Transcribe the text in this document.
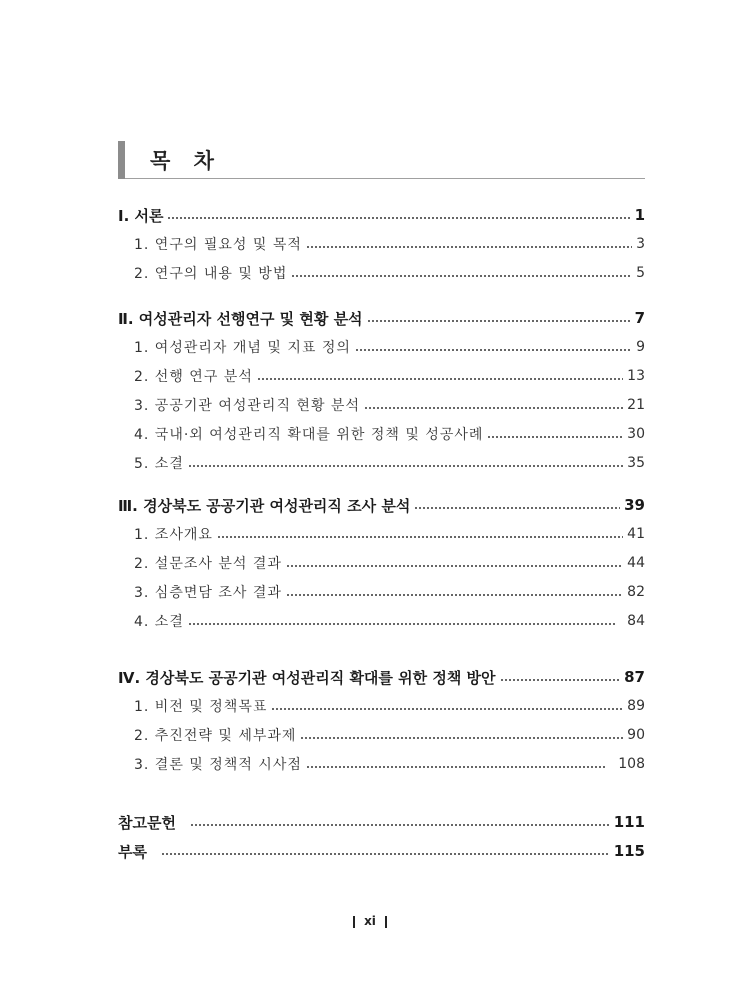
목 차
Ⅰ. 서론	1
1. 연구의 필요성 및 목적	3
2. 연구의 내용 및 방법	5
Ⅱ. 여성관리자 선행연구 및 현황 분석	7
1. 여성관리자 개념 및 지표 정의	9
2. 선행 연구 분석	13
3. 공공기관 여성관리직 현황 분석	21
4. 국내·외 여성관리직 확대를 위한 정책 및 성공사례	30
5. 소결	35
Ⅲ. 경상북도 공공기관 여성관리직 조사 분석	39
1. 조사개요	41
2. 설문조사 분석 결과	44
3. 심층면담 조사 결과	82
4. 소결	84
Ⅳ. 경상북도 공공기관 여성관리직 확대를 위한 정책 방안	87
1. 비전 및 정책목표	89
2. 추진전략 및 세부과제	90
3. 결론 및 정책적 시사점	108
참고문헌	111
부록	115
xi
